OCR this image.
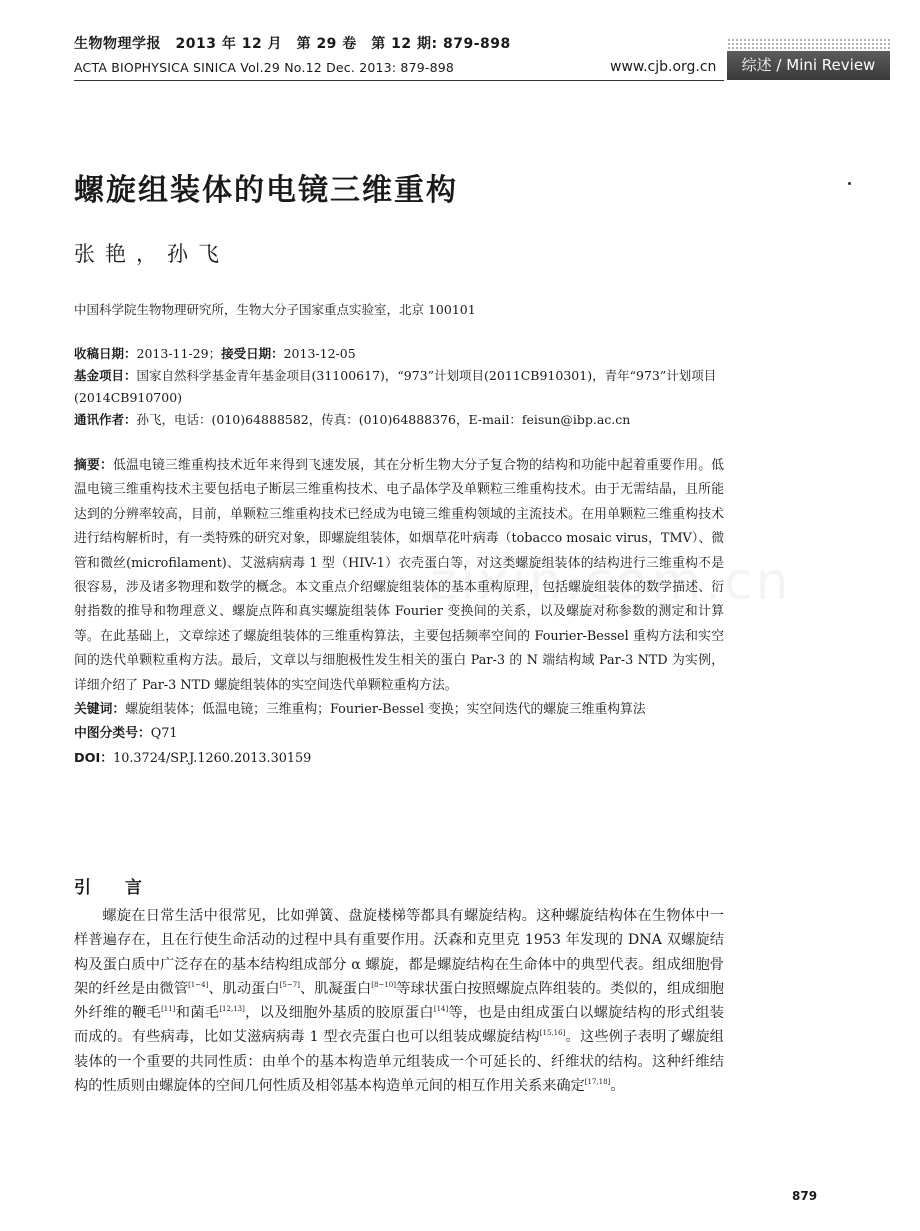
生物物理学报　2013 年 12 月　第 29 卷　第 12 期: 879-898
ACTA BIOPHYSICA SINICA Vol.29 No.12 Dec. 2013: 879-898	www.cjb.org.cn	综述 / Mini Review
螺旋组装体的电镜三维重构
张艳，孙飞
中国科学院生物物理研究所，生物大分子国家重点实验室，北京 100101
收稿日期：2013-11-29；接受日期：2013-12-05
基金项目：国家自然科学基金青年基金项目(31100617)，“973”计划项目(2011CB910301)，青年“973”计划项目(2014CB910700)
通讯作者：孙飞，电话：(010)64888582，传真：(010)64888376，E-mail：feisun@ibp.ac.cn
摘要：低温电镜三维重构技术近年来得到飞速发展，其在分析生物大分子复合物的结构和功能中起着重要作用。低温电镜三维重构技术主要包括电子断层三维重构技术、电子晶体学及单颗粒三维重构技术。由于无需结晶，且所能达到的分辨率较高，目前，单颗粒三维重构技术已经成为电镜三维重构领域的主流技术。在用单颗粒三维重构技术进行结构解析时，有一类特殊的研究对象，即螺旋组装体，如烟草花叶病毒（tobacco mosaic virus，TMV）、微管和微丝(microfilament)、艾滋病病毒 1 型（HIV-1）衣壳蛋白等，对这类螺旋组装体的结构进行三维重构不是很容易，涉及诸多物理和数学的概念。本文重点介绍螺旋组装体的基本重构原理，包括螺旋组装体的数学描述、衍射指数的推导和物理意义、螺旋点阵和真实螺旋组装体 Fourier 变换间的关系，以及螺旋对称参数的测定和计算等。在此基础上，文章综述了螺旋组装体的三维重构算法，主要包括频率空间的 Fourier-Bessel 重构方法和实空间的迭代单颗粒重构方法。最后，文章以与细胞极性发生相关的蛋白 Par-3 的 N 端结构域 Par-3 NTD 为实例，详细介绍了 Par-3 NTD 螺旋组装体的实空间迭代单颗粒重构方法。
关键词：螺旋组装体；低温电镜；三维重构；Fourier-Bessel 变换；实空间迭代的螺旋三维重构算法
中图分类号：Q71
DOI：10.3724/SP.J.1260.2013.30159
引言

螺旋在日常生活中很常见，比如弹簧、盘旋楼梯等都具有螺旋结构。这种螺旋结构体在生物体中一样普遍存在，且在行使生命活动的过程中具有重要作用。沃森和克里克 1953 年发现的 DNA 双螺旋结构及蛋白质中广泛存在的基本结构组成部分 α 螺旋，都是螺旋结构在生命体中的典型代表。组成细胞骨架的纤丝是由微管[1~4]、肌动蛋白[5~7]、肌凝蛋白[8~10]等球状蛋白按照螺旋点阵组装的。类似的，组成细胞外纤维的鞭毛[11]和菌毛[12,13]，以及细胞外基质的胶原蛋白[14]等，也是由组成蛋白以螺旋结构的形式组装而成的。有些病毒，比如艾滋病病毒 1 型衣壳蛋白也可以组装成螺旋结构[15,16]。这些例子表明了螺旋组装体的一个重要的共同性质：由单个的基本构造单元组装成一个可延长的、纤维状的结构。这种纤维结构的性质则由螺旋体的空间几何性质及相邻基本构造单元间的相互作用关系来确定[17,18]。

879
